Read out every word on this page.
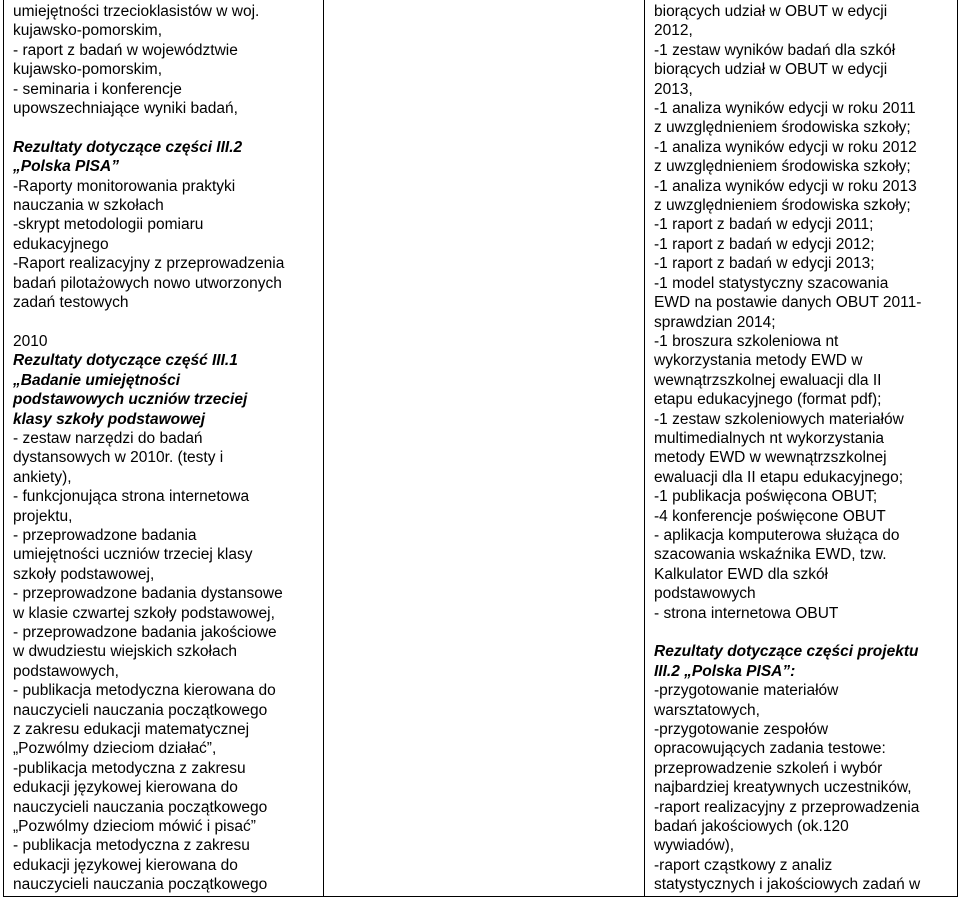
umiejętności trzecioklasistów w woj.
kujawsko-pomorskim,
- raport z badań w województwie
kujawsko-pomorskim,
- seminaria i konferencje
upowszechniające wyniki badań,
Rezultaty dotyczące części III.2
„Polska PISA”
-Raporty monitorowania praktyki
nauczania w szkołach
-skrypt metodologii pomiaru
edukacyjnego
-Raport realizacyjny z przeprowadzenia
badań pilotażowych nowo utworzonych
zadań testowych
2010
Rezultaty dotyczące część III.1
„Badanie umiejętności
podstawowych uczniów trzeciej
klasy szkoły podstawowej
- zestaw narzędzi do badań
dystansowych w 2010r. (testy i
ankiety),
- funkcjonująca strona internetowa
projektu,
- przeprowadzone badania
umiejętności uczniów trzeciej klasy
szkoły podstawowej,
- przeprowadzone badania dystansowe
w klasie czwartej szkoły podstawowej,
- przeprowadzone badania jakościowe
w dwudziestu wiejskich szkołach
podstawowych,
- publikacja metodyczna kierowana do
nauczycieli nauczania początkowego
z zakresu edukacji matematycznej
„Pozwólmy dzieciom działać”,
-publikacja metodyczna z zakresu
edukacji językowej kierowana do
nauczycieli nauczania początkowego
„Pozwólmy dzieciom mówić i pisać”
- publikacja metodyczna z zakresu
edukacji językowej kierowana do
nauczycieli nauczania początkowego
biorących udział w OBUT w edycji
2012,
-1 zestaw wyników badań dla szkół
biorących udział w OBUT w edycji
2013,
-1 analiza wyników edycji w roku 2011
z uwzględnieniem środowiska szkoły;
-1 analiza wyników edycji w roku 2012
z uwzględnieniem środowiska szkoły;
-1 analiza wyników edycji w roku 2013
z uwzględnieniem środowiska szkoły;
-1 raport z badań w edycji 2011;
-1 raport z badań w edycji 2012;
-1 raport z badań w edycji 2013;
-1 model statystyczny szacowania
EWD na postawie danych OBUT 2011-
sprawdzian 2014;
-1 broszura szkoleniowa nt
wykorzystania metody EWD w
wewnątrzszkolnej ewaluacji dla II
etapu edukacyjnego (format pdf);
-1 zestaw szkoleniowych materiałów
multimedialnych nt wykorzystania
metody EWD w wewnątrzszkolnej
ewaluacji dla II etapu edukacyjnego;
-1 publikacja poświęcona OBUT;
-4 konferencje poświęcone OBUT
- aplikacja komputerowa służąca do
szacowania wskaźnika EWD, tzw.
Kalkulator EWD dla szkół
podstawowych
- strona internetowa OBUT
Rezultaty dotyczące części projektu
III.2 „Polska PISA”:
-przygotowanie materiałów
warsztatowych,
-przygotowanie zespołów
opracowujących zadania testowe:
przeprowadzenie szkoleń i wybór
najbardziej kreatywnych uczestników,
-raport realizacyjny z przeprowadzenia
badań jakościowych (ok.120
wywiadów),
-raport cząstkowy z analiz
statystycznych i jakościowych zadań w
